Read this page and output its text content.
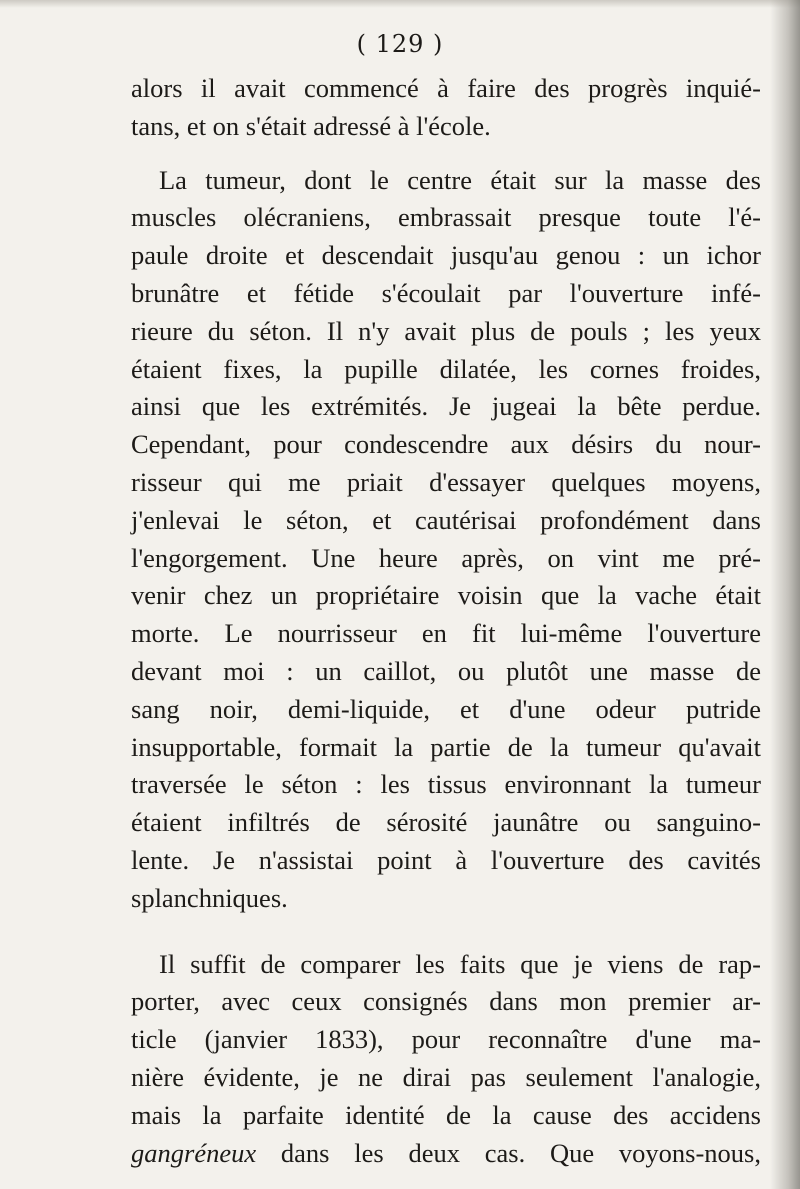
( 129 )
alors il avait commencé à faire des progrès inquié-
tans, et on s'était adressé à l'école.
La tumeur, dont le centre était sur la masse des
muscles olécraniens, embrassait presque toute l'é-
paule droite et descendait jusqu'au genou : un ichor
brunâtre et fétide s'écoulait par l'ouverture infé-
rieure du séton. Il n'y avait plus de pouls ; les yeux
étaient fixes, la pupille dilatée, les cornes froides,
ainsi que les extrémités. Je jugeai la bête perdue.
Cependant, pour condescendre aux désirs du nour-
risseur qui me priait d'essayer quelques moyens,
j'enlevai le séton, et cautérisai profondément dans
l'engorgement. Une heure après, on vint me pré-
venir chez un propriétaire voisin que la vache était
morte. Le nourrisseur en fit lui-même l'ouverture
devant moi : un caillot, ou plutôt une masse de
sang noir, demi-liquide, et d'une odeur putride
insupportable, formait la partie de la tumeur qu'avait
traversée le séton : les tissus environnant la tumeur
étaient infiltrés de sérosité jaunâtre ou sanguino-
lente. Je n'assistai point à l'ouverture des cavités
splanchniques.
Il suffit de comparer les faits que je viens de rap-
porter, avec ceux consignés dans mon premier ar-
ticle (janvier 1833), pour reconnaître d'une ma-
nière évidente, je ne dirai pas seulement l'analogie,
mais la parfaite identité de la cause des accidens
gangréneux dans les deux cas. Que voyons-nous,
